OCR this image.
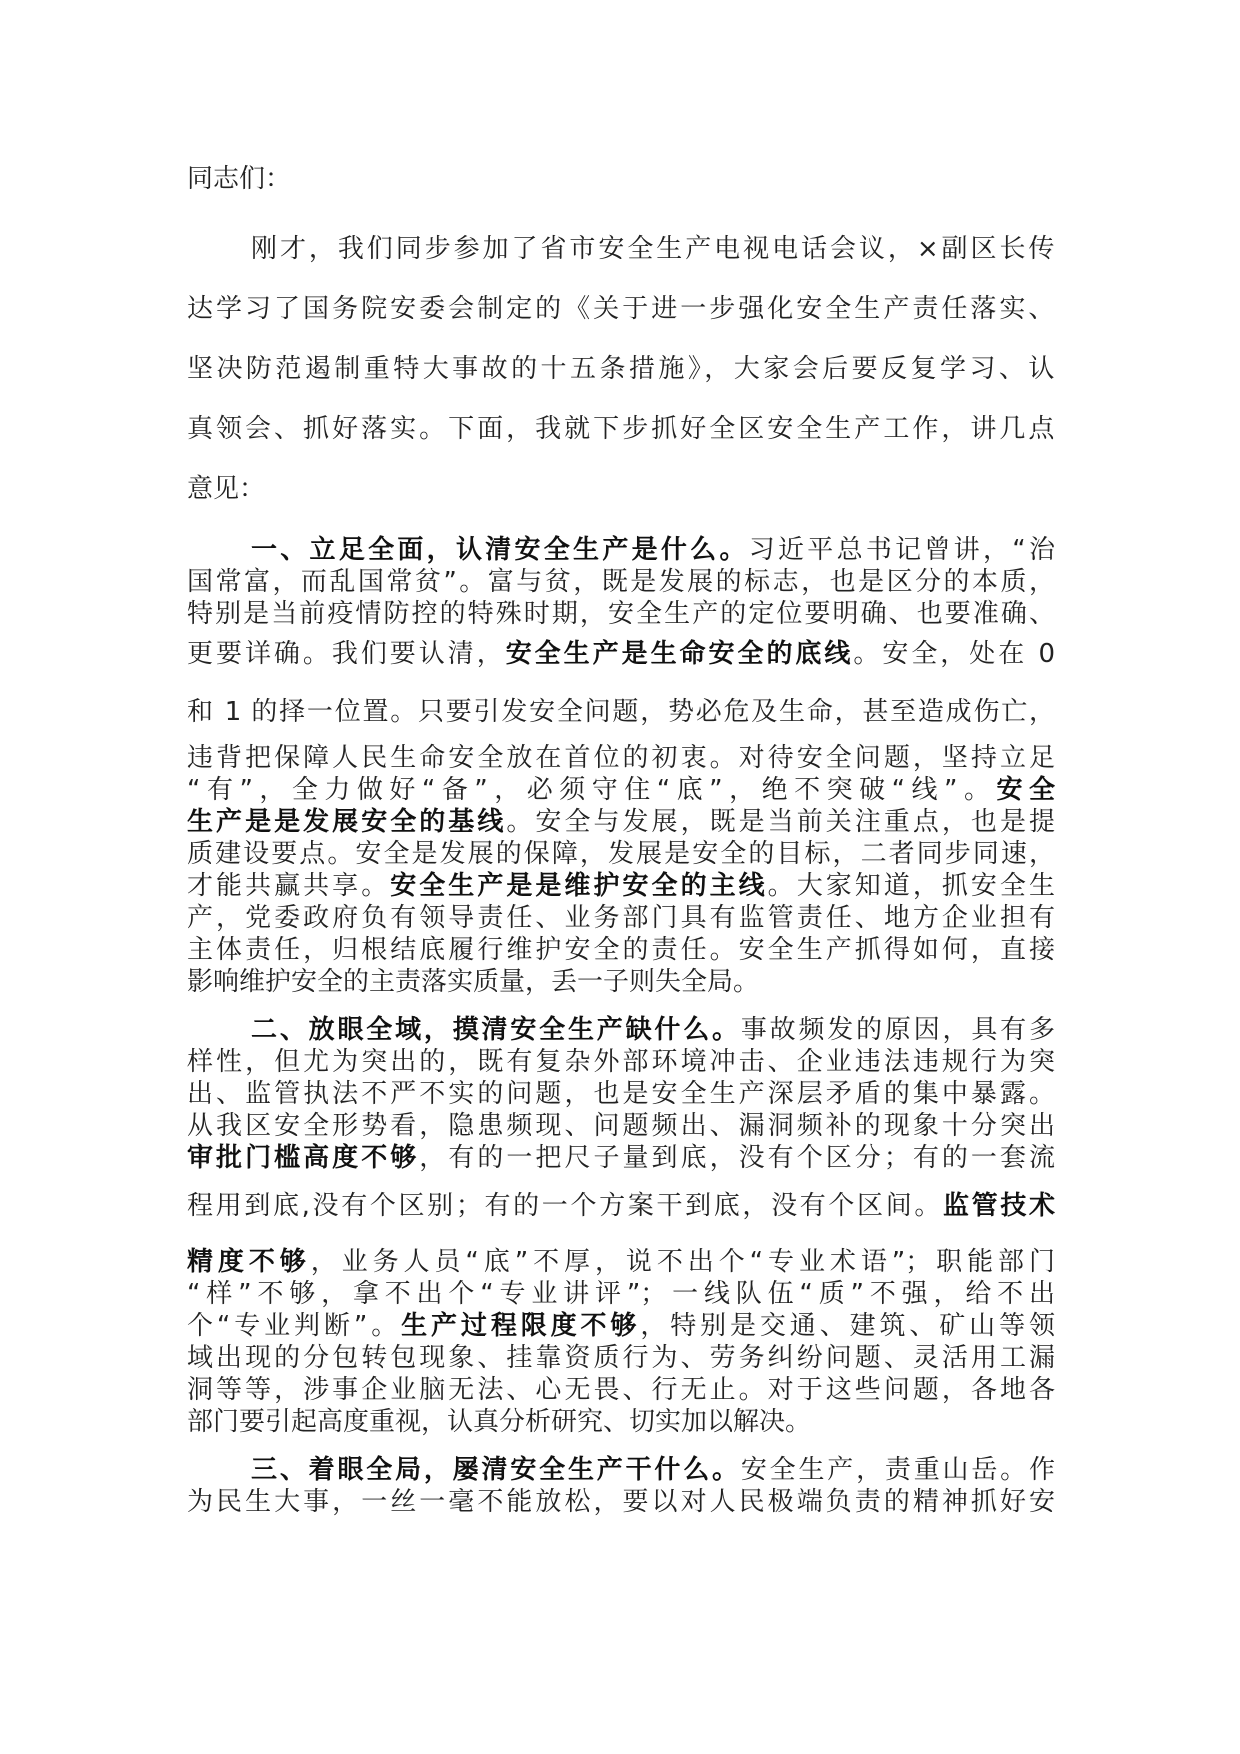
同志们：
刚才，我们同步参加了省市安全生产电视电话会议，×副区长传
达学习了国务院安委会制定的《关于进一步强化安全生产责任落实、
坚决防范遏制重特大事故的十五条措施》，大家会后要反复学习、认
真领会、抓好落实。下面，我就下步抓好全区安全生产工作，讲几点
意见：
一、立足全面，认清安全生产是什么。习近平总书记曾讲，“治
国常富，而乱国常贫”。富与贫，既是发展的标志，也是区分的本质，
特别是当前疫情防控的特殊时期，安全生产的定位要明确、也要准确、
更要详确。我们要认清，安全生产是生命安全的底线。安全，处在 0
和 1 的择一位置。只要引发安全问题，势必危及生命，甚至造成伤亡，
违背把保障人民生命安全放在首位的初衷。对待安全问题，坚持立足
“有”，全力做好“备”，必须守住“底”，绝不突破“线”。安全
生产是是发展安全的基线。安全与发展，既是当前关注重点，也是提
质建设要点。安全是发展的保障，发展是安全的目标，二者同步同速，
才能共赢共享。安全生产是是维护安全的主线。大家知道，抓安全生
产，党委政府负有领导责任、业务部门具有监管责任、地方企业担有
主体责任，归根结底履行维护安全的责任。安全生产抓得如何，直接
影响维护安全的主责落实质量，丢一子则失全局。
二、放眼全域，摸清安全生产缺什么。事故频发的原因，具有多
样性，但尤为突出的，既有复杂外部环境冲击、企业违法违规行为突
出、监管执法不严不实的问题，也是安全生产深层矛盾的集中暴露。
从我区安全形势看，隐患频现、问题频出、漏洞频补的现象十分突出
审批门槛高度不够，有的一把尺子量到底，没有个区分；有的一套流
程用到底,没有个区别；有的一个方案干到底，没有个区间。监管技术
精度不够，业务人员“底”不厚，说不出个“专业术语”；职能部门
“样”不够，拿不出个“专业讲评”；一线队伍“质”不强，给不出
个“专业判断”。生产过程限度不够，特别是交通、建筑、矿山等领
域出现的分包转包现象、挂靠资质行为、劳务纠纷问题、灵活用工漏
洞等等，涉事企业脑无法、心无畏、行无止。对于这些问题，各地各
部门要引起高度重视，认真分析研究、切实加以解决。
三、着眼全局，屡清安全生产干什么。安全生产，责重山岳。作
为民生大事，一丝一毫不能放松，要以对人民极端负责的精神抓好安
